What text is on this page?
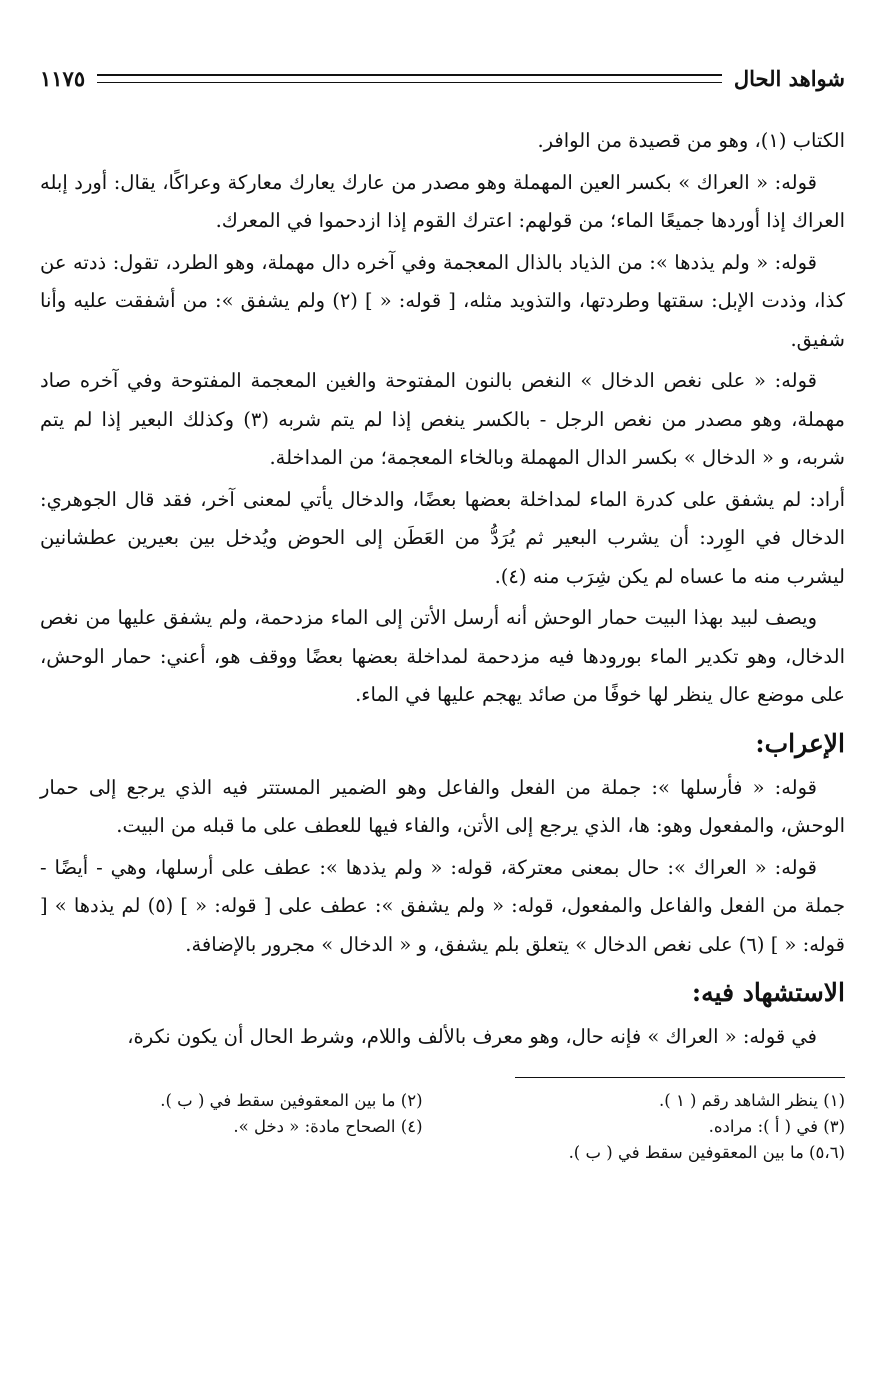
شواهد الحال
١١٧٥

الكتاب (١)، وهو من قصيدة من الوافر.

قوله: « العراك » بكسر العين المهملة وهو مصدر من عارك يعارك معاركة وعراكًا، يقال: أورد إبله العراك إذا أوردها جميعًا الماء؛ من قولهم: اعترك القوم إذا ازدحموا في المعرك.

قوله: « ولم يذدها »: من الذياد بالذال المعجمة وفي آخره دال مهملة، وهو الطرد، تقول: ذدته عن كذا، وذدت الإبل: سقتها وطردتها، والتذويد مثله، [ قوله: « ] (٢) ولم يشفق »: من أشفقت عليه وأنا شفيق.

قوله: « على نغص الدخال » النغص بالنون المفتوحة والغين المعجمة المفتوحة وفي آخره صاد مهملة، وهو مصدر من نغص الرجل - بالكسر ينغص إذا لم يتم شربه (٣) وكذلك البعير إذا لم يتم شربه، و « الدخال » بكسر الدال المهملة وبالخاء المعجمة؛ من المداخلة.

أراد: لم يشفق على كدرة الماء لمداخلة بعضها بعضًا، والدخال يأتي لمعنى آخر، فقد قال الجوهري: الدخال في الوِرد: أن يشرب البعير ثم يُرَدُّ من العَطَن إلى الحوض ويُدخل بين بعيرين عطشانين ليشرب منه ما عساه لم يكن شِرَب منه (٤).

ويصف لبيد بهذا البيت حمار الوحش أنه أرسل الأتن إلى الماء مزدحمة، ولم يشفق عليها من نغص الدخال، وهو تكدير الماء بورودها فيه مزدحمة لمداخلة بعضها بعضًا ووقف هو، أعني: حمار الوحش، على موضع عال ينظر لها خوفًا من صائد يهجم عليها في الماء.

الإعراب:

قوله: « فأرسلها »: جملة من الفعل والفاعل وهو الضمير المستتر فيه الذي يرجع إلى حمار الوحش، والمفعول وهو: ها، الذي يرجع إلى الأتن، والفاء فيها للعطف على ما قبله من البيت.

قوله: « العراك »: حال بمعنى معتركة، قوله: « ولم يذدها »: عطف على أرسلها، وهي - أيضًا - جملة من الفعل والفاعل والمفعول، قوله: « ولم يشفق »: عطف على [ قوله: « ] (٥) لم يذدها » [ قوله: « ] (٦) على نغص الدخال » يتعلق بلم يشفق، و « الدخال » مجرور بالإضافة.

الاستشهاد فيه:

في قوله: « العراك » فإنه حال، وهو معرف بالألف واللام، وشرط الحال أن يكون نكرة،

(١) ينظر الشاهد رقم ( ١ ).
(٢) ما بين المعقوفين سقط في ( ب ).
(٣) في ( أ ): مراده.
(٤) الصحاح مادة: « دخل ».
(٥،٦) ما بين المعقوفين سقط في ( ب ).
